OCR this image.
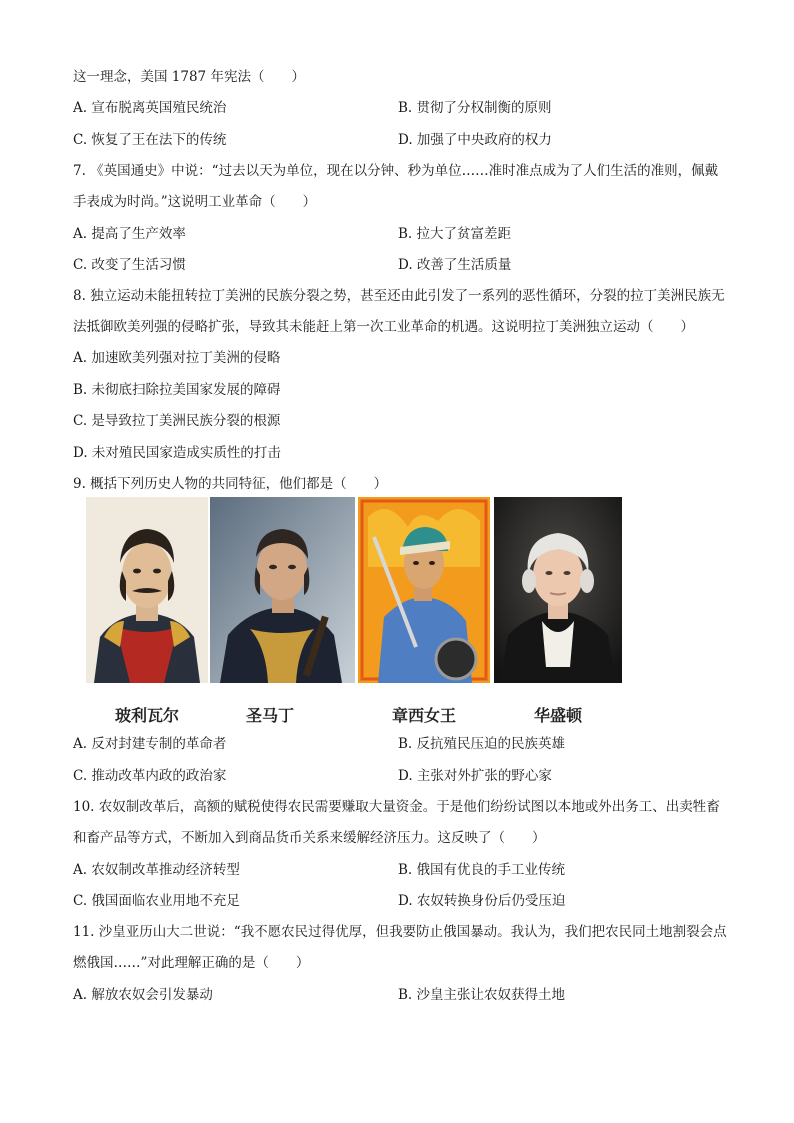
这一理念，美国 1787 年宪法（　　）
A. 宣布脱离英国殖民统治	B. 贯彻了分权制衡的原则
C. 恢复了王在法下的传统	D. 加强了中央政府的权力
7. 《英国通史》中说：“过去以天为单位，现在以分钟、秒为单位……准时准点成为了人们生活的准则，佩戴手表成为时尚。”这说明工业革命（　　）
A. 提高了生产效率	B. 拉大了贫富差距
C. 改变了生活习惯	D. 改善了生活质量
8. 独立运动未能扭转拉丁美洲的民族分裂之势，甚至还由此引发了一系列的恶性循环，分裂的拉丁美洲民族无法抵御欧美列强的侵略扩张，导致其未能赶上第一次工业革命的机遇。这说明拉丁美洲独立运动（　　）
A. 加速欧美列强对拉丁美洲的侵略
B. 未彻底扫除拉美国家发展的障碍
C. 是导致拉丁美洲民族分裂的根源
D. 未对殖民国家造成实质性的打击
9. 概括下列历史人物的共同特征，他们都是（　　）
玻利瓦尔	圣马丁	章西女王	华盛顿
A. 反对封建专制的革命者	B. 反抗殖民压迫的民族英雄
C. 推动改革内政的政治家	D. 主张对外扩张的野心家
10. 农奴制改革后，高额的赋税使得农民需要赚取大量资金。于是他们纷纷试图以本地或外出务工、出卖牲畜和畜产品等方式，不断加入到商品货币关系来缓解经济压力。这反映了（　　）
A. 农奴制改革推动经济转型	B. 俄国有优良的手工业传统
C. 俄国面临农业用地不充足	D. 农奴转换身份后仍受压迫
11. 沙皇亚历山大二世说：“我不愿农民过得优厚，但我要防止俄国暴动。我认为，我们把农民同土地割裂会点燃俄国……”对此理解正确的是（　　）
A. 解放农奴会引发暴动	B. 沙皇主张让农奴获得土地
